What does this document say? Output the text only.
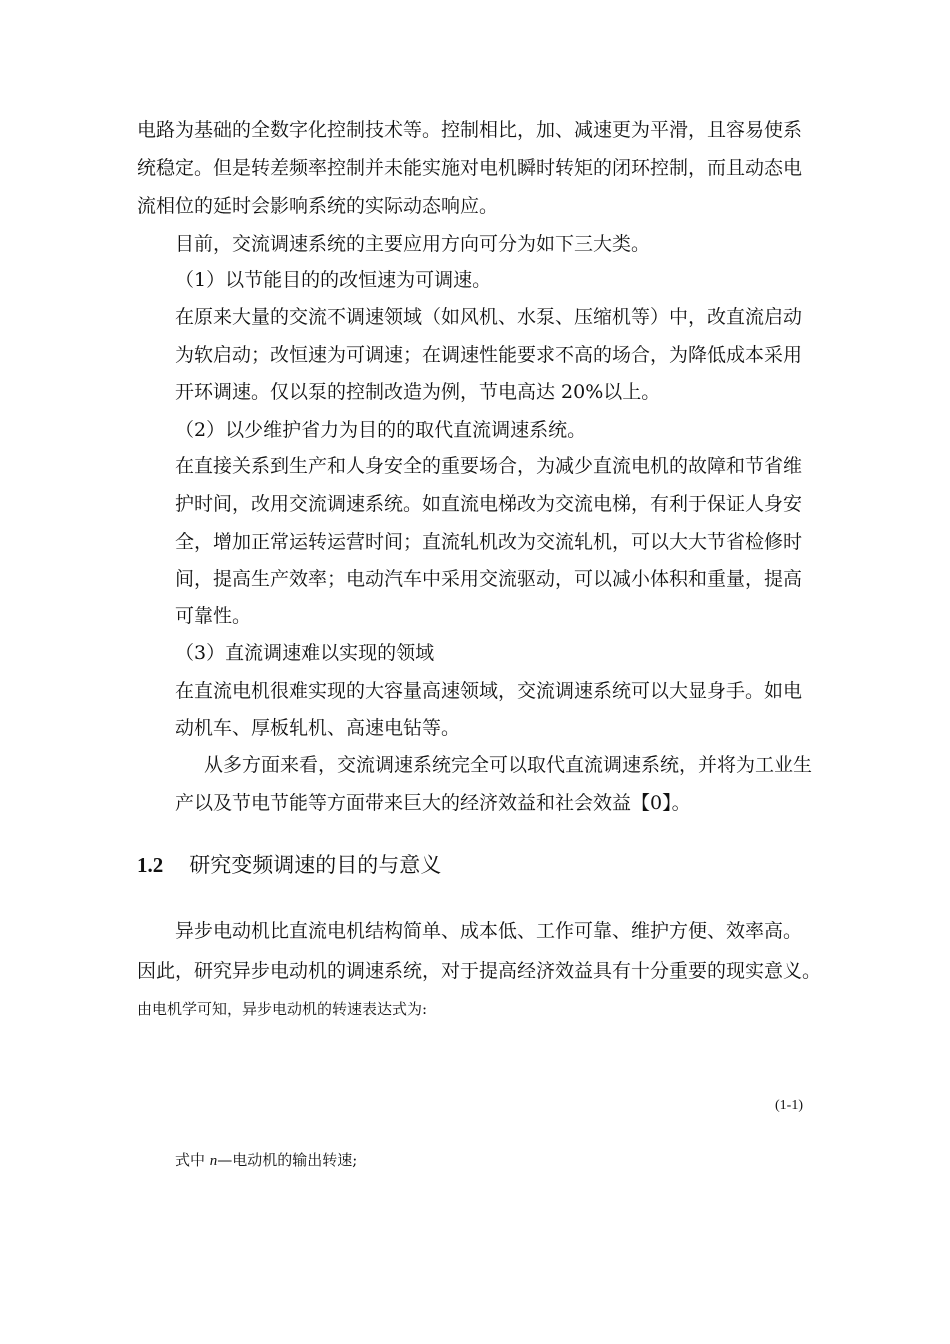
电路为基础的全数字化控制技术等。控制相比，加、减速更为平滑，且容易使系
统稳定。但是转差频率控制并未能实施对电机瞬时转矩的闭环控制，而且动态电
流相位的延时会影响系统的实际动态响应。
目前，交流调速系统的主要应用方向可分为如下三大类。
（1）以节能目的的改恒速为可调速。
在原来大量的交流不调速领域（如风机、水泵、压缩机等）中，改直流启动
为软启动；改恒速为可调速；在调速性能要求不高的场合，为降低成本采用
开环调速。仅以泵的控制改造为例，节电高达 20%以上。
（2）以少维护省力为目的的取代直流调速系统。
在直接关系到生产和人身安全的重要场合，为减少直流电机的故障和节省维
护时间，改用交流调速系统。如直流电梯改为交流电梯，有利于保证人身安
全，增加正常运转运营时间；直流轧机改为交流轧机，可以大大节省检修时
间，提高生产效率；电动汽车中采用交流驱动，可以减小体积和重量，提高
可靠性。
（3）直流调速难以实现的领域
在直流电机很难实现的大容量高速领域，交流调速系统可以大显身手。如电
动机车、厚板轧机、高速电钻等。
从多方面来看，交流调速系统完全可以取代直流调速系统，并将为工业生
产以及节电节能等方面带来巨大的经济效益和社会效益【0】。
1.2 研究变频调速的目的与意义
异步电动机比直流电机结构简单、成本低、工作可靠、维护方便、效率高。
因此，研究异步电动机的调速系统，对于提高经济效益具有十分重要的现实意义。
由电机学可知，异步电动机的转速表达式为:
(1-1)
式中 n—电动机的输出转速;
